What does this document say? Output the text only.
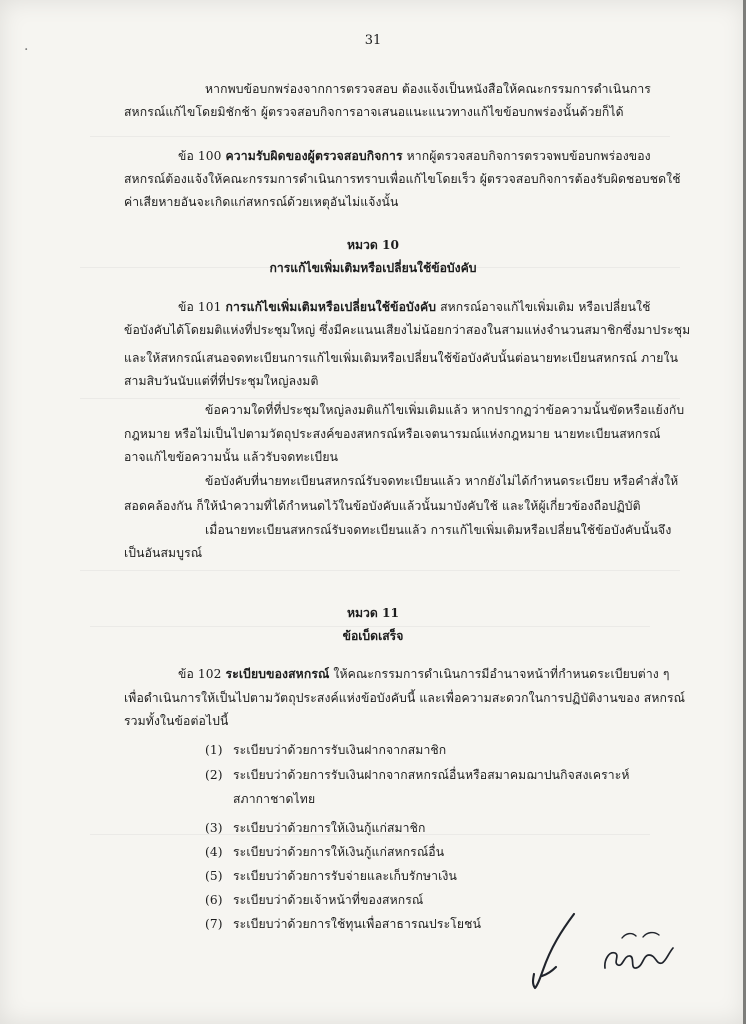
·
31
หากพบข้อบกพร่องจากการตรวจสอบ ต้องแจ้งเป็นหนังสือให้คณะกรรมการดำเนินการ
สหกรณ์แก้ไขโดยมิชักช้า ผู้ตรวจสอบกิจการอาจเสนอแนะแนวทางแก้ไขข้อบกพร่องนั้นด้วยก็ได้
ข้อ 100 ความรับผิดของผู้ตรวจสอบกิจการ หากผู้ตรวจสอบกิจการตรวจพบข้อบกพร่องของ
สหกรณ์ต้องแจ้งให้คณะกรรมการดำเนินการทราบเพื่อแก้ไขโดยเร็ว ผู้ตรวจสอบกิจการต้องรับผิดชอบชดใช้
ค่าเสียหายอันจะเกิดแก่สหกรณ์ด้วยเหตุอันไม่แจ้งนั้น
หมวด 10
การแก้ไขเพิ่มเติมหรือเปลี่ยนใช้ข้อบังคับ
ข้อ 101 การแก้ไขเพิ่มเติมหรือเปลี่ยนใช้ข้อบังคับ สหกรณ์อาจแก้ไขเพิ่มเติม หรือเปลี่ยนใช้
ข้อบังคับได้โดยมติแห่งที่ประชุมใหญ่ ซึ่งมีคะแนนเสียงไม่น้อยกว่าสองในสามแห่งจำนวนสมาชิกซึ่งมาประชุม
และให้สหกรณ์เสนอจดทะเบียนการแก้ไขเพิ่มเติมหรือเปลี่ยนใช้ข้อบังคับนั้นต่อนายทะเบียนสหกรณ์ ภายใน
สามสิบวันนับแต่ที่ที่ประชุมใหญ่ลงมติ
ข้อความใดที่ที่ประชุมใหญ่ลงมติแก้ไขเพิ่มเติมแล้ว หากปรากฏว่าข้อความนั้นขัดหรือแย้งกับ
กฎหมาย หรือไม่เป็นไปตามวัตถุประสงค์ของสหกรณ์หรือเจตนารมณ์แห่งกฎหมาย นายทะเบียนสหกรณ์
อาจแก้ไขข้อความนั้น แล้วรับจดทะเบียน
ข้อบังคับที่นายทะเบียนสหกรณ์รับจดทะเบียนแล้ว หากยังไม่ได้กำหนดระเบียบ หรือคำสั่งให้
สอดคล้องกัน ก็ให้นำความที่ได้กำหนดไว้ในข้อบังคับแล้วนั้นมาบังคับใช้ และให้ผู้เกี่ยวข้องถือปฏิบัติ
เมื่อนายทะเบียนสหกรณ์รับจดทะเบียนแล้ว การแก้ไขเพิ่มเติมหรือเปลี่ยนใช้ข้อบังคับนั้นจึง
เป็นอันสมบูรณ์
หมวด 11
ข้อเบ็ดเสร็จ
ข้อ 102 ระเบียบของสหกรณ์ ให้คณะกรรมการดำเนินการมีอำนาจหน้าที่กำหนดระเบียบต่าง ๆ
เพื่อดำเนินการให้เป็นไปตามวัตถุประสงค์แห่งข้อบังคับนี้ และเพื่อความสะดวกในการปฏิบัติงานของ สหกรณ์
รวมทั้งในข้อต่อไปนี้
(1) ระเบียบว่าด้วยการรับเงินฝากจากสมาชิก
(2) ระเบียบว่าด้วยการรับเงินฝากจากสหกรณ์อื่นหรือสมาคมฌาปนกิจสงเคราะห์
สภากาชาดไทย
(3) ระเบียบว่าด้วยการให้เงินกู้แก่สมาชิก
(4) ระเบียบว่าด้วยการให้เงินกู้แก่สหกรณ์อื่น
(5) ระเบียบว่าด้วยการรับจ่ายและเก็บรักษาเงิน
(6) ระเบียบว่าด้วยเจ้าหน้าที่ของสหกรณ์
(7) ระเบียบว่าด้วยการใช้ทุนเพื่อสาธารณประโยชน์
